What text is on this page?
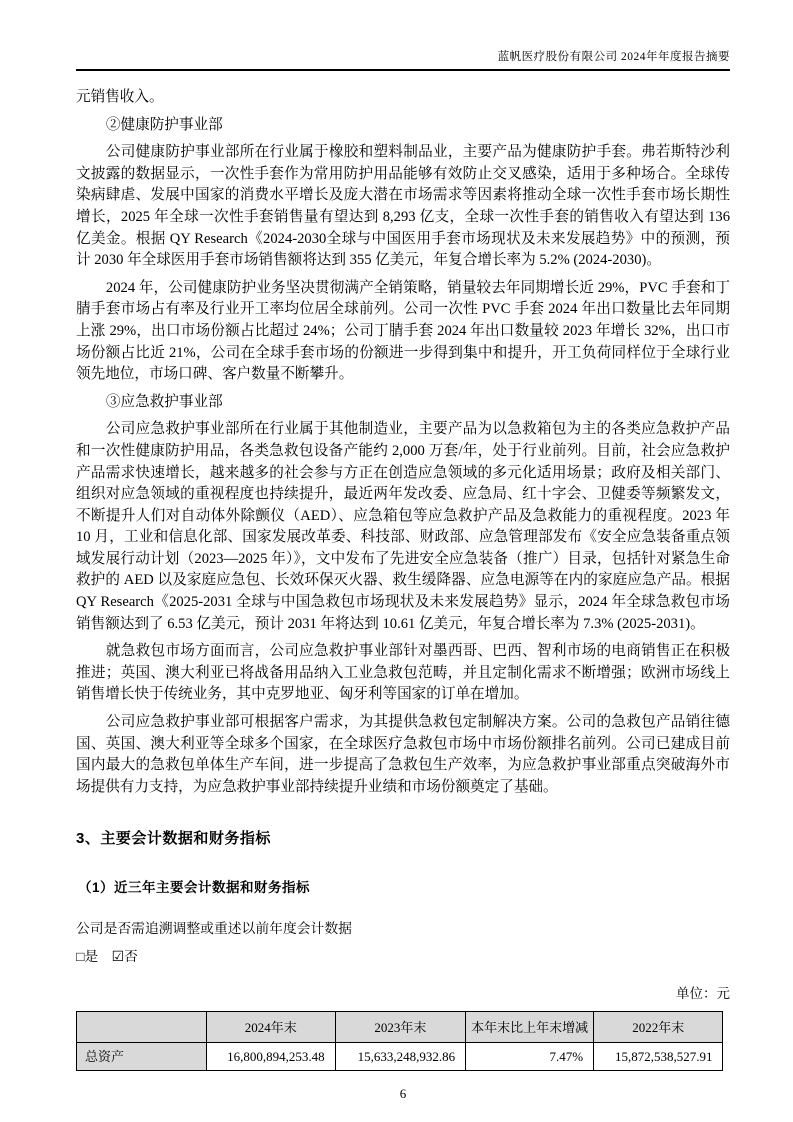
蓝帆医疗股份有限公司 2024年年度报告摘要

元销售收入。

②健康防护事业部

公司健康防护事业部所在行业属于橡胶和塑料制品业，主要产品为健康防护手套。弗若斯特沙利文披露的数据显示，一次性手套作为常用防护用品能够有效防止交叉感染，适用于多种场合。全球传染病肆虐、发展中国家的消费水平增长及庞大潜在市场需求等因素将推动全球一次性手套市场长期性增长，2025 年全球一次性手套销售量有望达到 8,293 亿支，全球一次性手套的销售收入有望达到 136 亿美金。根据 QY Research《2024-2030全球与中国医用手套市场现状及未来发展趋势》中的预测，预计 2030 年全球医用手套市场销售额将达到 355 亿美元，年复合增长率为 5.2% (2024-2030)。

2024 年，公司健康防护业务坚决贯彻满产全销策略，销量较去年同期增长近 29%，PVC 手套和丁腈手套市场占有率及行业开工率均位居全球前列。公司一次性 PVC 手套 2024 年出口数量比去年同期上涨 29%，出口市场份额占比超过 24%；公司丁腈手套 2024 年出口数量较 2023 年增长 32%，出口市场份额占比近 21%，公司在全球手套市场的份额进一步得到集中和提升，开工负荷同样位于全球行业领先地位，市场口碑、客户数量不断攀升。

③应急救护事业部

公司应急救护事业部所在行业属于其他制造业，主要产品为以急救箱包为主的各类应急救护产品和一次性健康防护用品，各类急救包设备产能约 2,000 万套/年，处于行业前列。目前，社会应急救护产品需求快速增长，越来越多的社会参与方正在创造应急领域的多元化适用场景；政府及相关部门、组织对应急领域的重视程度也持续提升，最近两年发改委、应急局、红十字会、卫健委等频繁发文，不断提升人们对自动体外除颤仪（AED）、应急箱包等应急救护产品及急救能力的重视程度。2023 年 10 月，工业和信息化部、国家发展改革委、科技部、财政部、应急管理部发布《安全应急装备重点领域发展行动计划（2023—2025 年）》，文中发布了先进安全应急装备（推广）目录，包括针对紧急生命救护的 AED 以及家庭应急包、长效环保灭火器、救生缓降器、应急电源等在内的家庭应急产品。根据 QY Research《2025-2031 全球与中国急救包市场现状及未来发展趋势》显示，2024 年全球急救包市场销售额达到了 6.53 亿美元，预计 2031 年将达到 10.61 亿美元，年复合增长率为 7.3% (2025-2031)。

就急救包市场方面而言，公司应急救护事业部针对墨西哥、巴西、智利市场的电商销售正在积极推进；英国、澳大利亚已将战备用品纳入工业急救包范畴，并且定制化需求不断增强；欧洲市场线上销售增长快于传统业务，其中克罗地亚、匈牙利等国家的订单在增加。

公司应急救护事业部可根据客户需求，为其提供急救包定制解决方案。公司的急救包产品销往德国、英国、澳大利亚等全球多个国家，在全球医疗急救包市场中市场份额排名前列。公司已建成目前国内最大的急救包单体生产车间，进一步提高了急救包生产效率，为应急救护事业部重点突破海外市场提供有力支持，为应急救护事业部持续提升业绩和市场份额奠定了基础。

3、主要会计数据和财务指标
（1）近三年主要会计数据和财务指标

公司是否需追溯调整或重述以前年度会计数据

□是 ☑否

单位：元
	2024年末	2023年末	本年末比上年末增减	2022年末
总资产	16,800,894,253.48	15,633,248,932.86	7.47%	15,872,538,527.91
6
